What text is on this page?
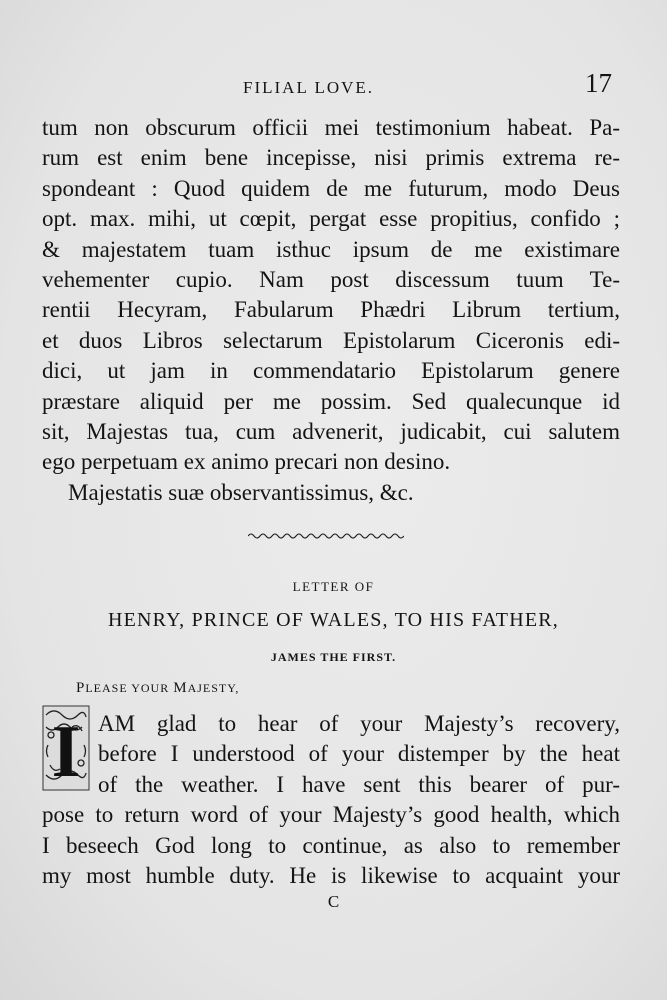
FILIAL LOVE.	17
tum non obscurum officii mei testimonium habeat. Pa-
rum est enim bene incepisse, nisi primis extrema re-
spondeant : Quod quidem de me futurum, modo Deus
opt. max. mihi, ut cœpit, pergat esse propitius, confido ;
& majestatem tuam isthuc ipsum de me existimare
vehementer cupio. Nam post discessum tuum Te-
rentii Hecyram, Fabularum Phædri Librum tertium,
et duos Libros selectarum Epistolarum Ciceronis edi-
dici, ut jam in commendatario Epistolarum genere
præstare aliquid per me possim. Sed qualecunque id
sit, Majestas tua, cum advenerit, judicabit, cui salutem
ego perpetuam ex animo precari non desino.
Majestatis suæ observantissimus, &c.
LETTER OF
HENRY, PRINCE OF WALES, TO HIS FATHER,
JAMES THE FIRST.
PLEASE YOUR MAJESTY,
I AM glad to hear of your Majesty’s recovery,
before I understood of your distemper by the heat
of the weather. I have sent this bearer of pur-
pose to return word of your Majesty’s good health, which
I beseech God long to continue, as also to remember
my most humble duty. He is likewise to acquaint your
C
